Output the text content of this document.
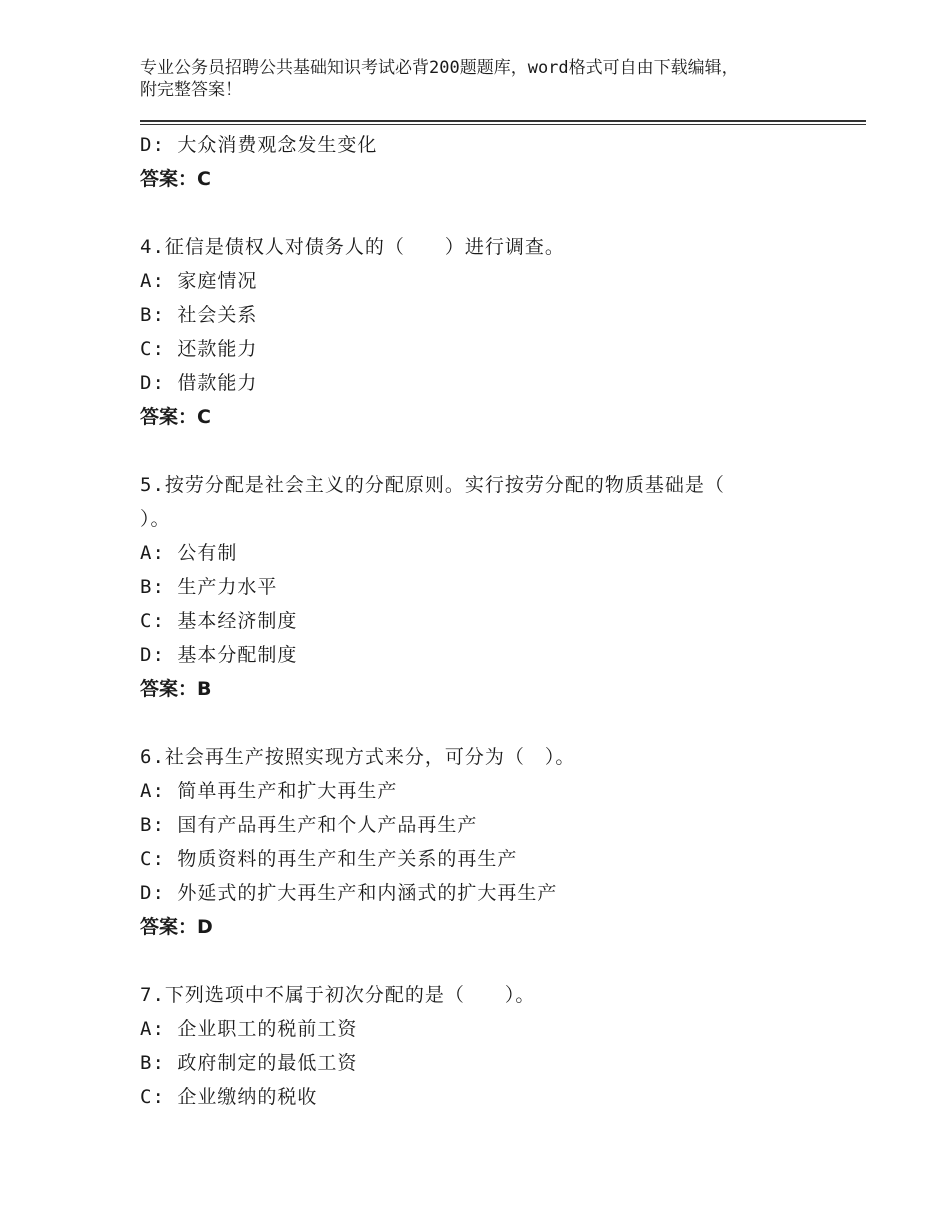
专业公务员招聘公共基础知识考试必背200题题库，word格式可自由下载编辑，
附完整答案！
D: 大众消费观念发生变化
答案：C
4.征信是债权人对债务人的（　　）进行调查。
A: 家庭情况
B: 社会关系
C: 还款能力
D: 借款能力
答案：C
5.按劳分配是社会主义的分配原则。实行按劳分配的物质基础是（
）。
A: 公有制
B: 生产力水平
C: 基本经济制度
D: 基本分配制度
答案：B
6.社会再生产按照实现方式来分，可分为（　）。
A: 简单再生产和扩大再生产
B: 国有产品再生产和个人产品再生产
C: 物质资料的再生产和生产关系的再生产
D: 外延式的扩大再生产和内涵式的扩大再生产
答案：D
7.下列选项中不属于初次分配的是（　　）。
A: 企业职工的税前工资
B: 政府制定的最低工资
C: 企业缴纳的税收
